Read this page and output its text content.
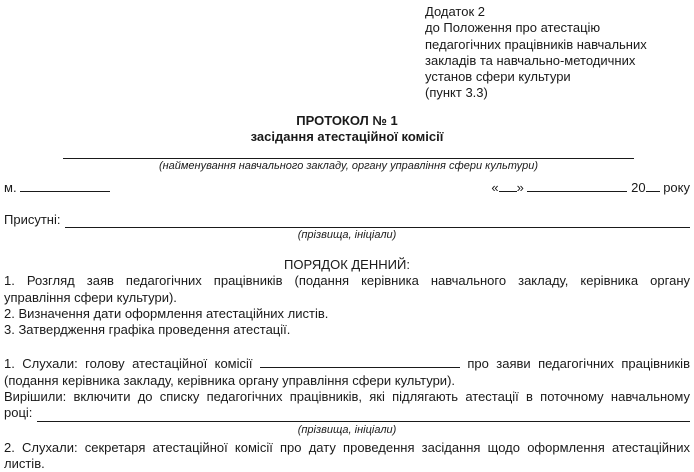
Додаток 2
до Положення про атестацію
педагогічних працівників навчальних
закладів та навчально-методичних
установ сфери культури
(пункт 3.3)
ПРОТОКОЛ № 1
засідання атестаційної комісії
(найменування навчального закладу, органу управління сфери культури)
м.	« »	20 року
Присутні:
(прізвища, ініціали)
ПОРЯДОК ДЕННИЙ:
1. Розгляд заяв педагогічних працівників (подання керівника навчального закладу, керівника органу
управління сфери культури).
2. Визначення дати оформлення атестаційних листів.
3. Затвердження графіка проведення атестації.
1. Слухали: голову атестаційної комісії	про заяви педагогічних працівників
(подання керівника закладу, керівника органу управління сфери культури).
Вирішили: включити до списку педагогічних працівників, які підлягають атестації в поточному навчальному
році:
(прізвища, ініціали)
2. Слухали: секретаря атестаційної комісії про дату проведення засідання щодо оформлення атестаційних
листів.
